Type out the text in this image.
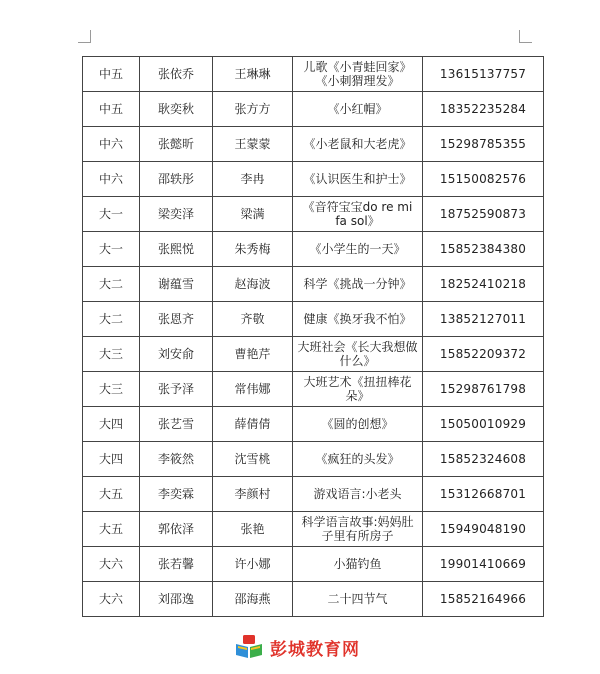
中五	张依乔	王琳琳	儿歌《小青蛙回家》《小刺猬理发》	13615137757
中五	耿奕秋	张方方	《小红帽》	18352235284
中六	张懿昕	王蒙蒙	《小老鼠和大老虎》	15298785355
中六	邵轶彤	李冉	《认识医生和护士》	15150082576
大一	梁奕泽	梁满	《音符宝宝do re mi fa sol》	18752590873
大一	张熙悦	朱秀梅	《小学生的一天》	15852384380
大二	谢蕴雪	赵海波	科学《挑战一分钟》	18252410218
大二	张恩齐	齐敬	健康《换牙我不怕》	13852127011
大三	刘安俞	曹艳芹	大班社会《长大我想做什么》	15852209372
大三	张予泽	常伟娜	大班艺术《扭扭棒花朵》	15298761798
大四	张艺雪	薛倩倩	《圆的创想》	15050010929
大四	李筱然	沈雪桃	《疯狂的头发》	15852324608
大五	李奕霖	李颜村	游戏语言:小老头	15312668701
大五	郭依泽	张艳	科学语言故事:妈妈肚子里有所房子	15949048190
大六	张若馨	许小娜	小猫钓鱼	19901410669
大六	刘邵逸	邵海燕	二十四节气	15852164966
彭城教育网
